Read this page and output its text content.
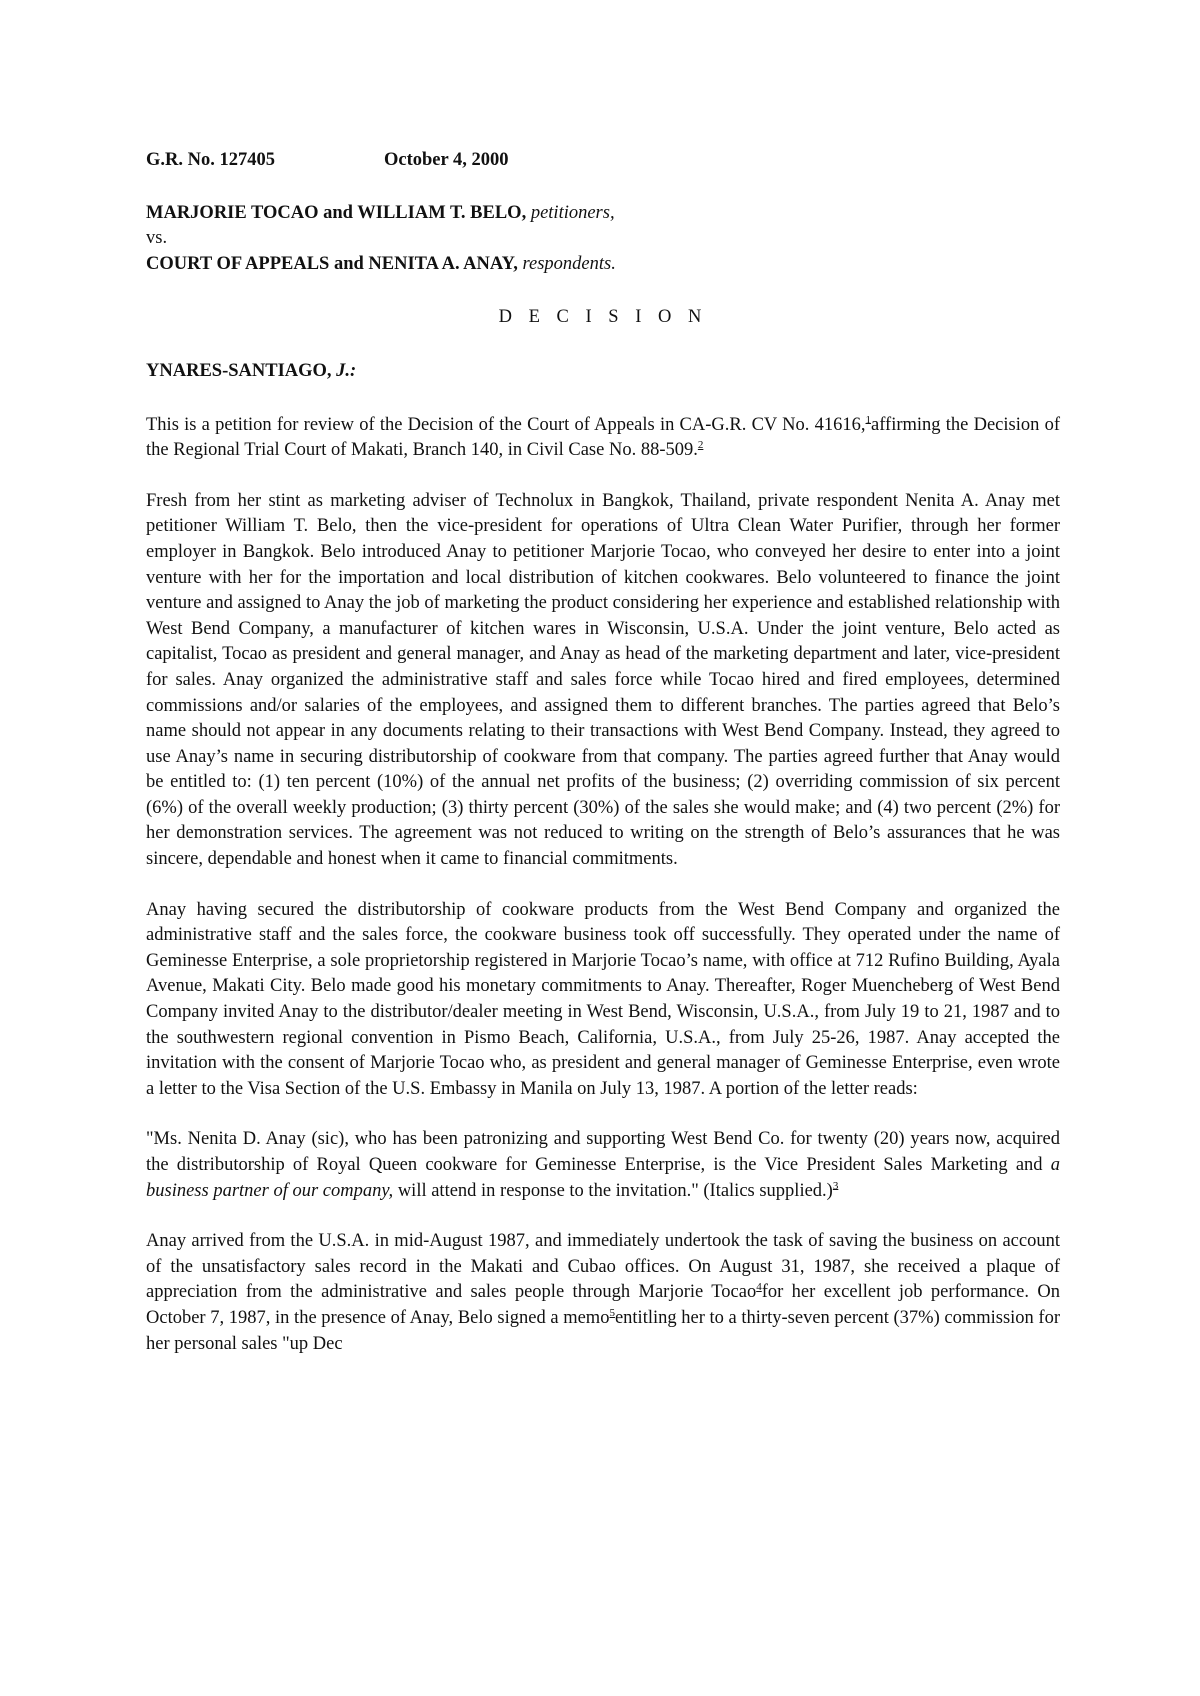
G.R. No. 127405	October 4, 2000

MARJORIE TOCAO and WILLIAM T. BELO, petitioners,

vs.

COURT OF APPEALS and NENITA A. ANAY, respondents.

D E C I S I O N

YNARES-SANTIAGO, J.:

This is a petition for review of the Decision of the Court of Appeals in CA-G.R. CV No. 41616,$^1$affirming the Decision of the Regional Trial Court of Makati, Branch 140, in Civil Case No. 88-509.$^2$

Fresh from her stint as marketing adviser of Technolux in Bangkok, Thailand, private respondent Nenita A. Anay met petitioner William T. Belo, then the vice-president for operations of Ultra Clean Water Purifier, through her former employer in Bangkok. Belo introduced Anay to petitioner Marjorie Tocao, who conveyed her desire to enter into a joint venture with her for the importation and local distribution of kitchen cookwares. Belo volunteered to finance the joint venture and assigned to Anay the job of marketing the product considering her experience and established relationship with West Bend Company, a manufacturer of kitchen wares in Wisconsin, U.S.A. Under the joint venture, Belo acted as capitalist, Tocao as president and general manager, and Anay as head of the marketing department and later, vice-president for sales. Anay organized the administrative staff and sales force while Tocao hired and fired employees, determined commissions and/or salaries of the employees, and assigned them to different branches. The parties agreed that Belo’s name should not appear in any documents relating to their transactions with West Bend Company. Instead, they agreed to use Anay’s name in securing distributorship of cookware from that company. The parties agreed further that Anay would be entitled to: (1) ten percent (10%) of the annual net profits of the business; (2) overriding commission of six percent (6%) of the overall weekly production; (3) thirty percent (30%) of the sales she would make; and (4) two percent (2%) for her demonstration services. The agreement was not reduced to writing on the strength of Belo’s assurances that he was sincere, dependable and honest when it came to financial commitments.

Anay having secured the distributorship of cookware products from the West Bend Company and organized the administrative staff and the sales force, the cookware business took off successfully. They operated under the name of Geminesse Enterprise, a sole proprietorship registered in Marjorie Tocao’s name, with office at 712 Rufino Building, Ayala Avenue, Makati City. Belo made good his monetary commitments to Anay. Thereafter, Roger Muencheberg of West Bend Company invited Anay to the distributor/dealer meeting in West Bend, Wisconsin, U.S.A., from July 19 to 21, 1987 and to the southwestern regional convention in Pismo Beach, California, U.S.A., from July 25-26, 1987. Anay accepted the invitation with the consent of Marjorie Tocao who, as president and general manager of Geminesse Enterprise, even wrote a letter to the Visa Section of the U.S. Embassy in Manila on July 13, 1987. A portion of the letter reads:

"Ms. Nenita D. Anay (sic), who has been patronizing and supporting West Bend Co. for twenty (20) years now, acquired the distributorship of Royal Queen cookware for Geminesse Enterprise, is the Vice President Sales Marketing and a business partner of our company, will attend in response to the invitation." (Italics supplied.)$^3$

Anay arrived from the U.S.A. in mid-August 1987, and immediately undertook the task of saving the business on account of the unsatisfactory sales record in the Makati and Cubao offices. On August 31, 1987, she received a plaque of appreciation from the administrative and sales people through Marjorie Tocao$^4$for her excellent job performance. On October 7, 1987, in the presence of Anay, Belo signed a memo$^5$entitling her to a thirty-seven percent (37%) commission for her personal sales "up Dec
